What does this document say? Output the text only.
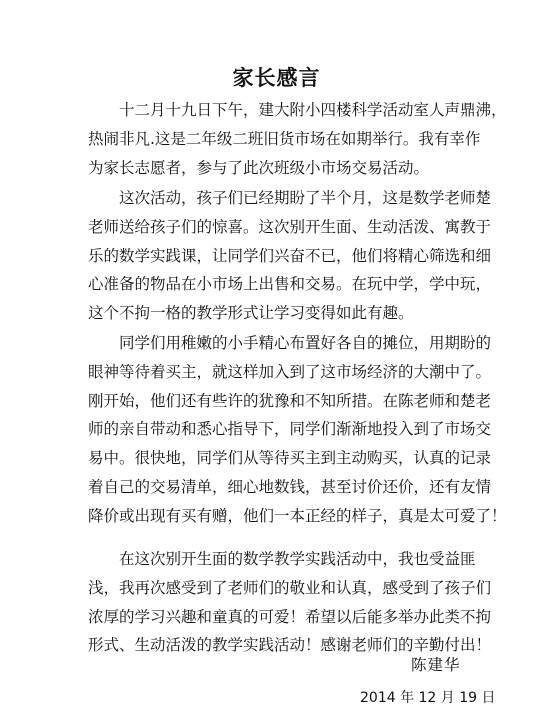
家长感言

十二月十九日下午，建大附小四楼科学活动室人声鼎沸，
热闹非凡.这是二年级二班旧货市场在如期举行。我有幸作
为家长志愿者，参与了此次班级小市场交易活动。

这次活动，孩子们已经期盼了半个月，这是数学老师楚
老师送给孩子们的惊喜。这次别开生面、生动活泼、寓教于
乐的数学实践课，让同学们兴奋不已，他们将精心筛选和细
心准备的物品在小市场上出售和交易。在玩中学，学中玩，
这个不拘一格的教学形式让学习变得如此有趣。

同学们用稚嫩的小手精心布置好各自的摊位，用期盼的
眼神等待着买主，就这样加入到了这市场经济的大潮中了。
刚开始，他们还有些许的犹豫和不知所措。在陈老师和楚老
师的亲自带动和悉心指导下，同学们渐渐地投入到了市场交
易中。很快地，同学们从等待买主到主动购买，认真的记录
着自己的交易清单，细心地数钱，甚至讨价还价，还有友情
降价或出现有买有赠，他们一本正经的样子，真是太可爱了！

在这次别开生面的数学教学实践活动中，我也受益匪
浅，我再次感受到了老师们的敬业和认真，感受到了孩子们
浓厚的学习兴趣和童真的可爱！希望以后能多举办此类不拘
形式、生动活泼的教学实践活动！感谢老师们的辛勤付出！

陈建华
2014 年 12 月 19 日
